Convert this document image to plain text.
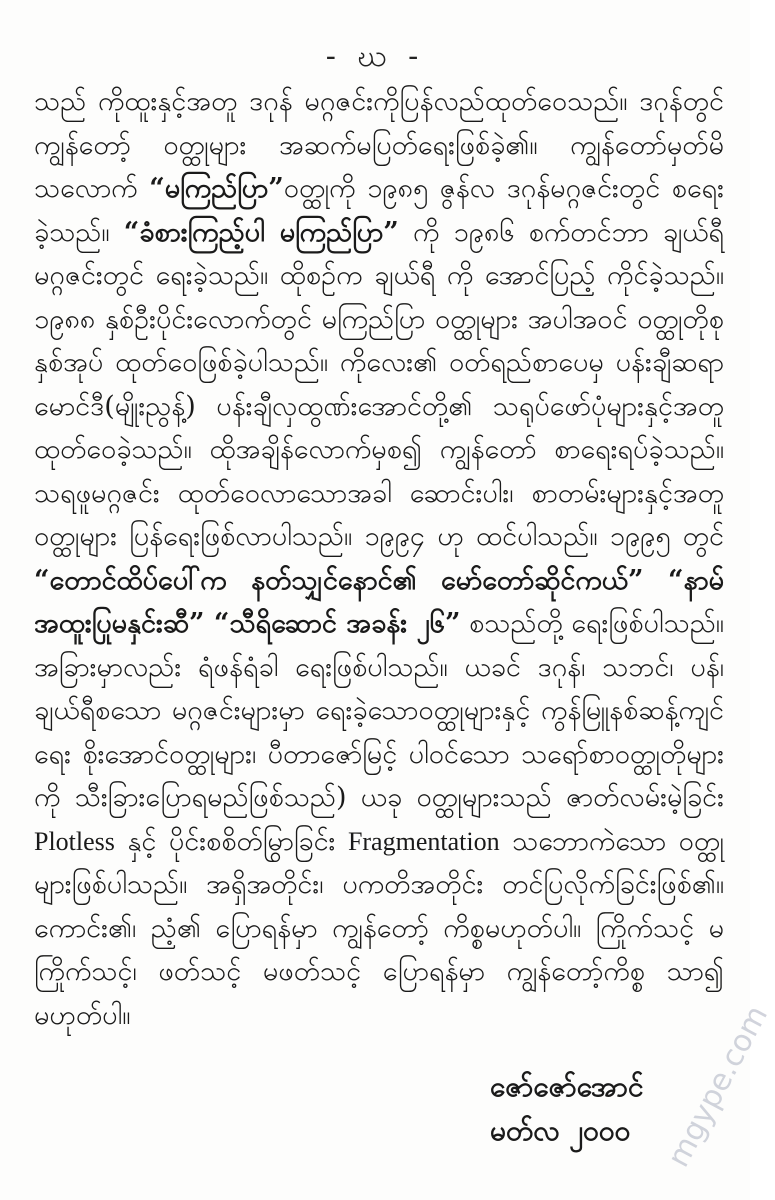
- ဃ -
သည် ကိုထူးနှင့်အတူ ဒဂုန် မဂ္ဂဇင်းကိုပြန်လည်ထုတ်ဝေသည်။ ဒဂုန်တွင် ကျွန်တော့် ဝတ္ထုများ အဆက်မပြတ်ရေးဖြစ်ခဲ့၏။ ကျွန်တော်မှတ်မိသလောက် “မကြည်ပြာ”ဝတ္ထုကို ၁၉၈၅ ဇွန်လ ဒဂုန်မဂ္ဂဇင်းတွင် စရေးခဲ့သည်။ “ခံစားကြည့်ပါ မကြည်ပြာ” ကို ၁၉၈၆ စက်တင်ဘာ ချယ်ရီ မဂ္ဂဇင်းတွင် ရေးခဲ့သည်။ ထိုစဉ်က ချယ်ရီ ကို အောင်ပြည့် ကိုင်ခဲ့သည်။ ၁၉၈၈ နှစ်ဦးပိုင်းလောက်တွင် မကြည်ပြာ ဝတ္ထုများ အပါအဝင် ဝတ္ထုတိုစုနှစ်အုပ် ထုတ်ဝေဖြစ်ခဲ့ပါသည်။ ကိုလေး၏ ဝတ်ရည်စာပေမှ ပန်းချီဆရာ မောင်ဒီ(မျိုးညွန့်) ပန်းချီလှထွဏ်းအောင်တို့၏ သရုပ်ဖော်ပုံများနှင့်အတူ ထုတ်ဝေခဲ့သည်။ ထိုအချိန်လောက်မှစ၍ ကျွန်တော် စာရေးရပ်ခဲ့သည်။ သရဖူမဂ္ဂဇင်း ထုတ်ဝေလာသောအခါ ဆောင်းပါး၊ စာတမ်းများနှင့်အတူ ဝတ္ထုများ ပြန်ရေးဖြစ်လာပါသည်။ ၁၉၉၄ ဟု ထင်ပါသည်။ ၁၉၉၅ တွင် “တောင်ထိပ်ပေါ်က နတ်သျှင်နောင်၏ မော်တော်ဆိုင်ကယ်” “နာမ် အထူးပြုမနှင်းဆီ” “သီရိဆောင် အခန်း ၂၆” စသည်တို့ ရေးဖြစ်ပါသည်။ အခြားမှာလည်း ရံဖန်ရံခါ ရေးဖြစ်ပါသည်။ ယခင် ဒဂုန်၊ သဘင်၊ ပန်၊ ချယ်ရီစသော မဂ္ဂဇင်းများမှာ ရေးခဲ့သောဝတ္ထုများနှင့် ကွန်မြူနစ်ဆန့်ကျင်ရေး စိုးအောင်ဝတ္ထုများ၊ ပီတာဇော်မြင့် ပါဝင်သော သရော်စာဝတ္ထုတိုများကို သီးခြားပြောရမည်ဖြစ်သည်) ယခု ဝတ္ထုများသည် ဇာတ်လမ်းမဲ့ခြင်း Plotless နှင့် ပိုင်းစစိတ်မြွာခြင်း Fragmentation သဘောကဲသော ဝတ္ထုများဖြစ်ပါသည်။ အရှိအတိုင်း၊ ပကတိအတိုင်း တင်ပြလိုက်ခြင်းဖြစ်၏။ ကောင်း၏၊ ညံ့၏ ပြောရန်မှာ ကျွန်တော့် ကိစ္စမဟုတ်ပါ။ ကြိုက်သင့် မကြိုက်သင့်၊ ဖတ်သင့် မဖတ်သင့် ပြောရန်မှာ ကျွန်တော့်ကိစ္စ သာ၍ မဟုတ်ပါ။
ဇော်ဇော်အောင်
မတ်လ ၂၀၀၀	mgype.com
